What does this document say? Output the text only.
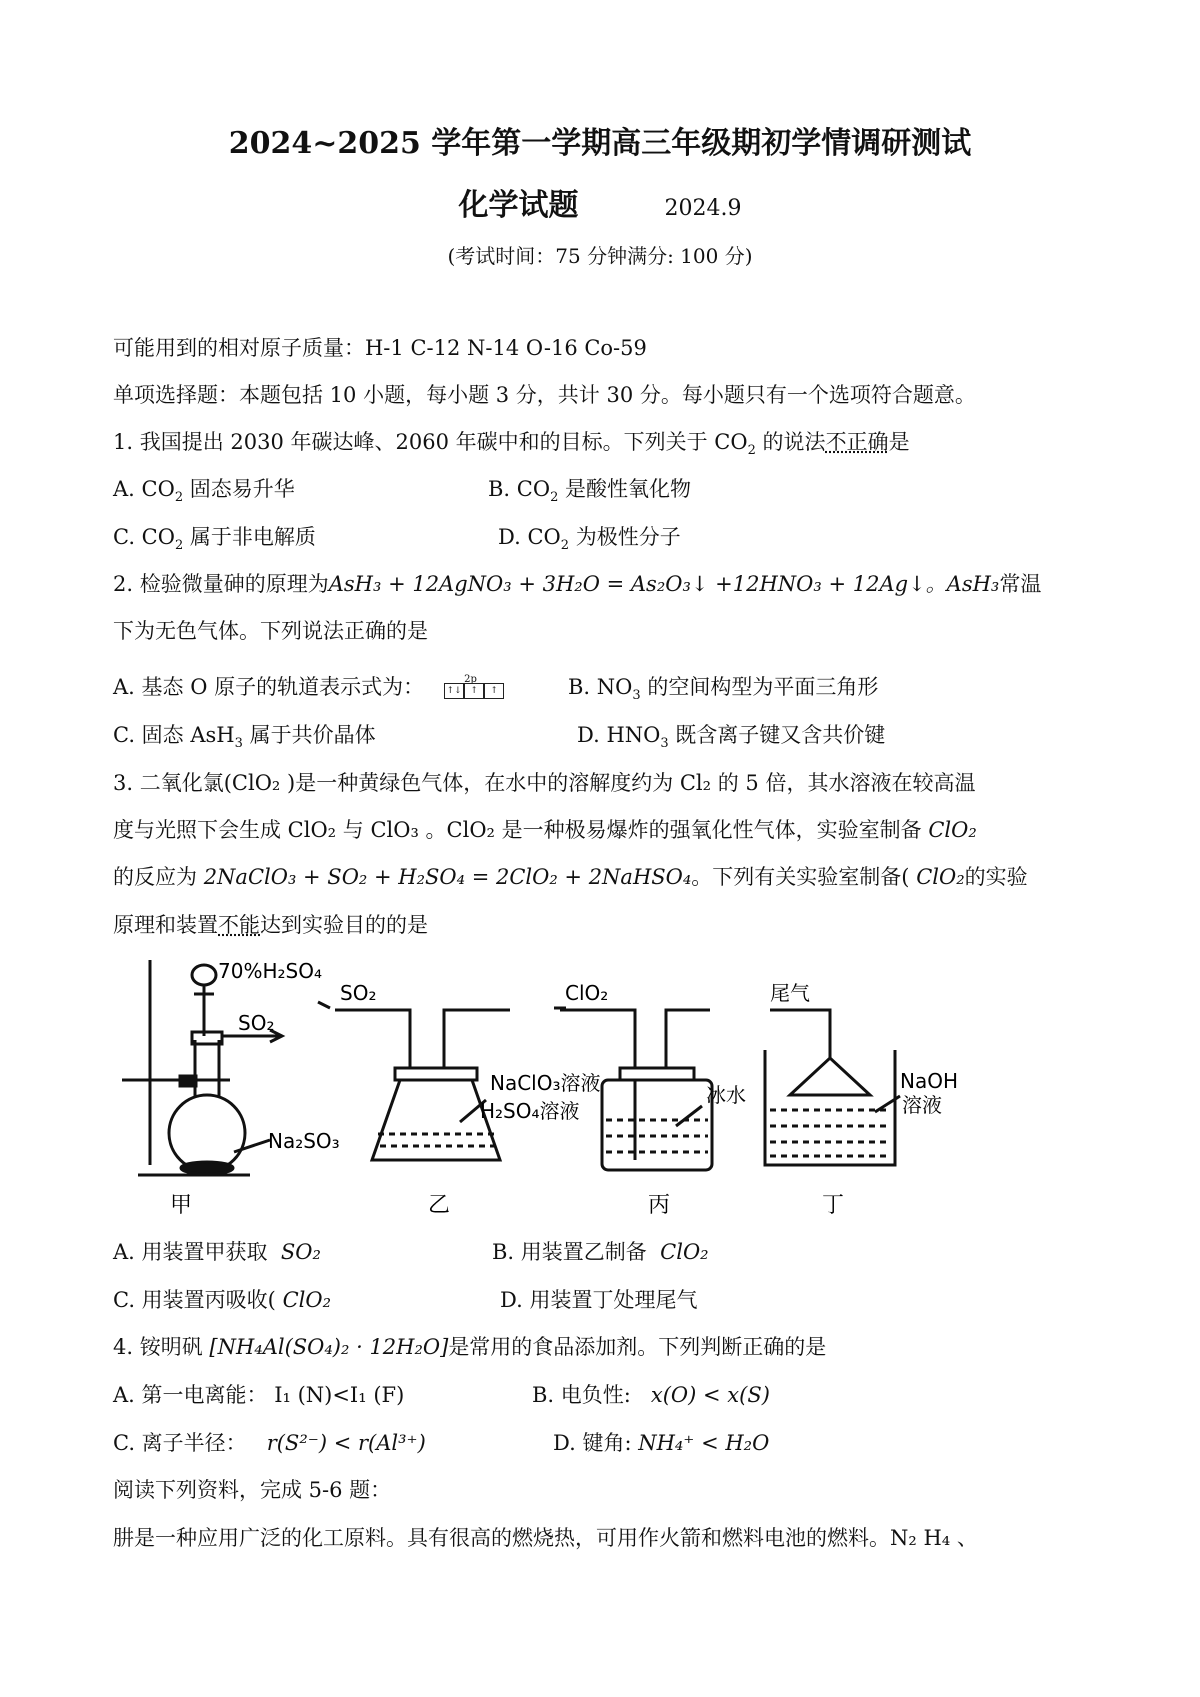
2024~2025 学年第一学期高三年级期初学情调研测试
化学试题	2024.9
(考试时间：75 分钟满分: 100 分)
可能用到的相对原子质量：H-1 C-12 N-14 O-16 Co-59
单项选择题：本题包括 10 小题，每小题 3 分，共计 30 分。每小题只有一个选项符合题意。
1. 我国提出 2030 年碳达峰、2060 年碳中和的目标。下列关于 $CO_2$ 的说法不正确是
A. $CO_2$ 固态易升华	B. $CO_2$ 是酸性氧化物
C. $CO_2$ 属于非电解质	D. $CO_2$ 为极性分子
2. 检验微量砷的原理为AsH₃ + 12AgNO₃ + 3H₂O = As₂O₃↓ +12HNO₃ + 12Ag↓。AsH₃常温
下为无色气体。下列说法正确的是
A. 基态 O 原子的轨道表示式为：	2p
↑↓ ↑	↑	B. $NO_3$ 的空间构型为平面三角形
C. 固态 AsH$_3$ 属于共价晶体	D. $HNO_3$ 既含离子键又含共价键
3. 二氧化氯(ClO₂ )是一种黄绿色气体，在水中的溶解度约为 Cl₂ 的 5 倍，其水溶液在较高温
度与光照下会生成 ClO₂ 与 ClO₃ 。ClO₂ 是一种极易爆炸的强氧化性气体，实验室制备 ClO₂
的反应为 2NaClO₃ + SO₂ + H₂SO₄ = 2ClO₂ + 2NaHSO₄。下列有关实验室制备( ClO₂的实验
原理和装置不能达到实验目的的是
70%H₂SO₄
SO₂
Na₂SO₃
SO₂
NaClO₃溶液
H₂SO₄溶液
ClO₂
冰水
尾气
NaOH
溶液
甲	乙	丙	丁
A. 用装置甲获取 SO₂	B. 用装置乙制备 ClO₂
C. 用装置丙吸收( ClO₂	D. 用装置丁处理尾气
4. 铵明矾 [NH₄Al(SO₄)₂ · 12H₂O]是常用的食品添加剂。下列判断正确的是
A. 第一电离能： I₁ (N)<I₁ (F)	B. 电负性: x(O) < x(S)
C. 离子半径： r(S²⁻) < r(Al³⁺)	D. 键角: NH₄⁺ < H₂O
阅读下列资料，完成 5-6 题：
肼是一种应用广泛的化工原料。具有很高的燃烧热，可用作火箭和燃料电池的燃料。N₂ H₄ 、
